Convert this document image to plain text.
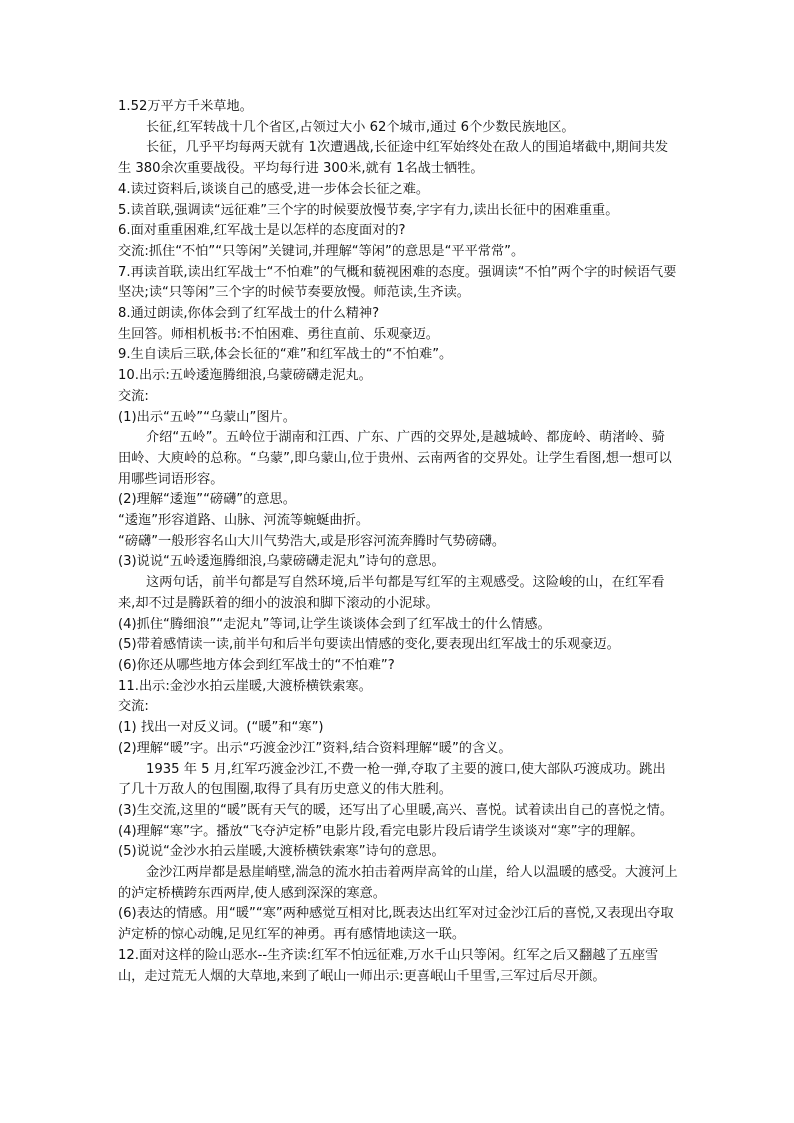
1.52万平方千米草地。

长征,红军转战十几个省区,占领过大小 62个城市,通过 6个少数民族地区。

长征，几乎平均每两天就有 1次遭遇战,长征途中红军始终处在敌人的围追堵截中,期间共发生 380余次重要战役。平均每行进 300米,就有 1名战士牺牲。

4.读过资料后,谈谈自己的感受,进一步体会长征之难。

5.读首联,强调读“远征难”三个字的时候要放慢节奏,字字有力,读出长征中的困难重重。

6.面对重重困难,红军战士是以怎样的态度面对的?

交流:抓住“不怕”“只等闲”关键词,并理解“等闲”的意思是“平平常常”。

7.再读首联,读出红军战士“不怕难”的气概和藐视困难的态度。强调读“不怕”两个字的时候语气要坚决;读“只等闲”三个字的时候节奏要放慢。师范读,生齐读。

8.通过朗读,你体会到了红军战士的什么精神?

生回答。师相机板书:不怕困难、勇往直前、乐观豪迈。

9.生自读后三联,体会长征的“难”和红军战士的“不怕难”。

10.出示:五岭逶迤腾细浪,乌蒙磅礴走泥丸。

交流:

(1)出示“五岭”“乌蒙山”图片。

介绍“五岭”。五岭位于湖南和江西、广东、广西的交界处,是越城岭、都庞岭、萌渚岭、骑田岭、大庾岭的总称。“乌蒙”,即乌蒙山,位于贵州、云南两省的交界处。让学生看图,想一想可以用哪些词语形容。

(2)理解“逶迤”“磅礴”的意思。

“逶迤”形容道路、山脉、河流等蜿蜒曲折。

“磅礴”一般形容名山大川气势浩大,或是形容河流奔腾时气势磅礴。

(3)说说“五岭逶迤腾细浪,乌蒙磅礴走泥丸”诗句的意思。

这两句话，前半句都是写自然环境,后半句都是写红军的主观感受。这险峻的山，在红军看来,却不过是腾跃着的细小的波浪和脚下滚动的小泥球。

(4)抓住“腾细浪”“走泥丸”等词,让学生谈谈体会到了红军战士的什么情感。

(5)带着感情读一读,前半句和后半句要读出情感的变化,要表现出红军战士的乐观豪迈。

(6)你还从哪些地方体会到红军战士的“不怕难”?

11.出示:金沙水拍云崖暖,大渡桥横铁索寒。

交流:

(1) 找出一对反义词。(“暖”和“寒”)

(2)理解“暖”字。出示“巧渡金沙江”资料,结合资料理解“暖”的含义。

1935 年 5 月,红军巧渡金沙江,不费一枪一弹,夺取了主要的渡口,使大部队巧渡成功。跳出了几十万敌人的包围圈,取得了具有历史意义的伟大胜利。

(3)生交流,这里的“暖”既有天气的暖，还写出了心里暖,高兴、喜悦。试着读出自己的喜悦之情。

(4)理解“寒”字。播放“飞夺泸定桥”电影片段,看完电影片段后请学生谈谈对“寒”字的理解。

(5)说说“金沙水拍云崖暖,大渡桥横铁索寒”诗句的意思。

金沙江两岸都是悬崖峭壁,湍急的流水拍击着两岸高耸的山崖，给人以温暖的感受。大渡河上的泸定桥横跨东西两岸,使人感到深深的寒意。

(6)表达的情感。用“暖”“寒”两种感觉互相对比,既表达出红军对过金沙江后的喜悦,又表现出夺取泸定桥的惊心动魄,足见红军的神勇。再有感情地读这一联。

12.面对这样的险山恶水--生齐读:红军不怕远征难,万水千山只等闲。红军之后又翻越了五座雪山，走过荒无人烟的大草地,来到了岷山一师出示:更喜岷山千里雪,三军过后尽开颜。
